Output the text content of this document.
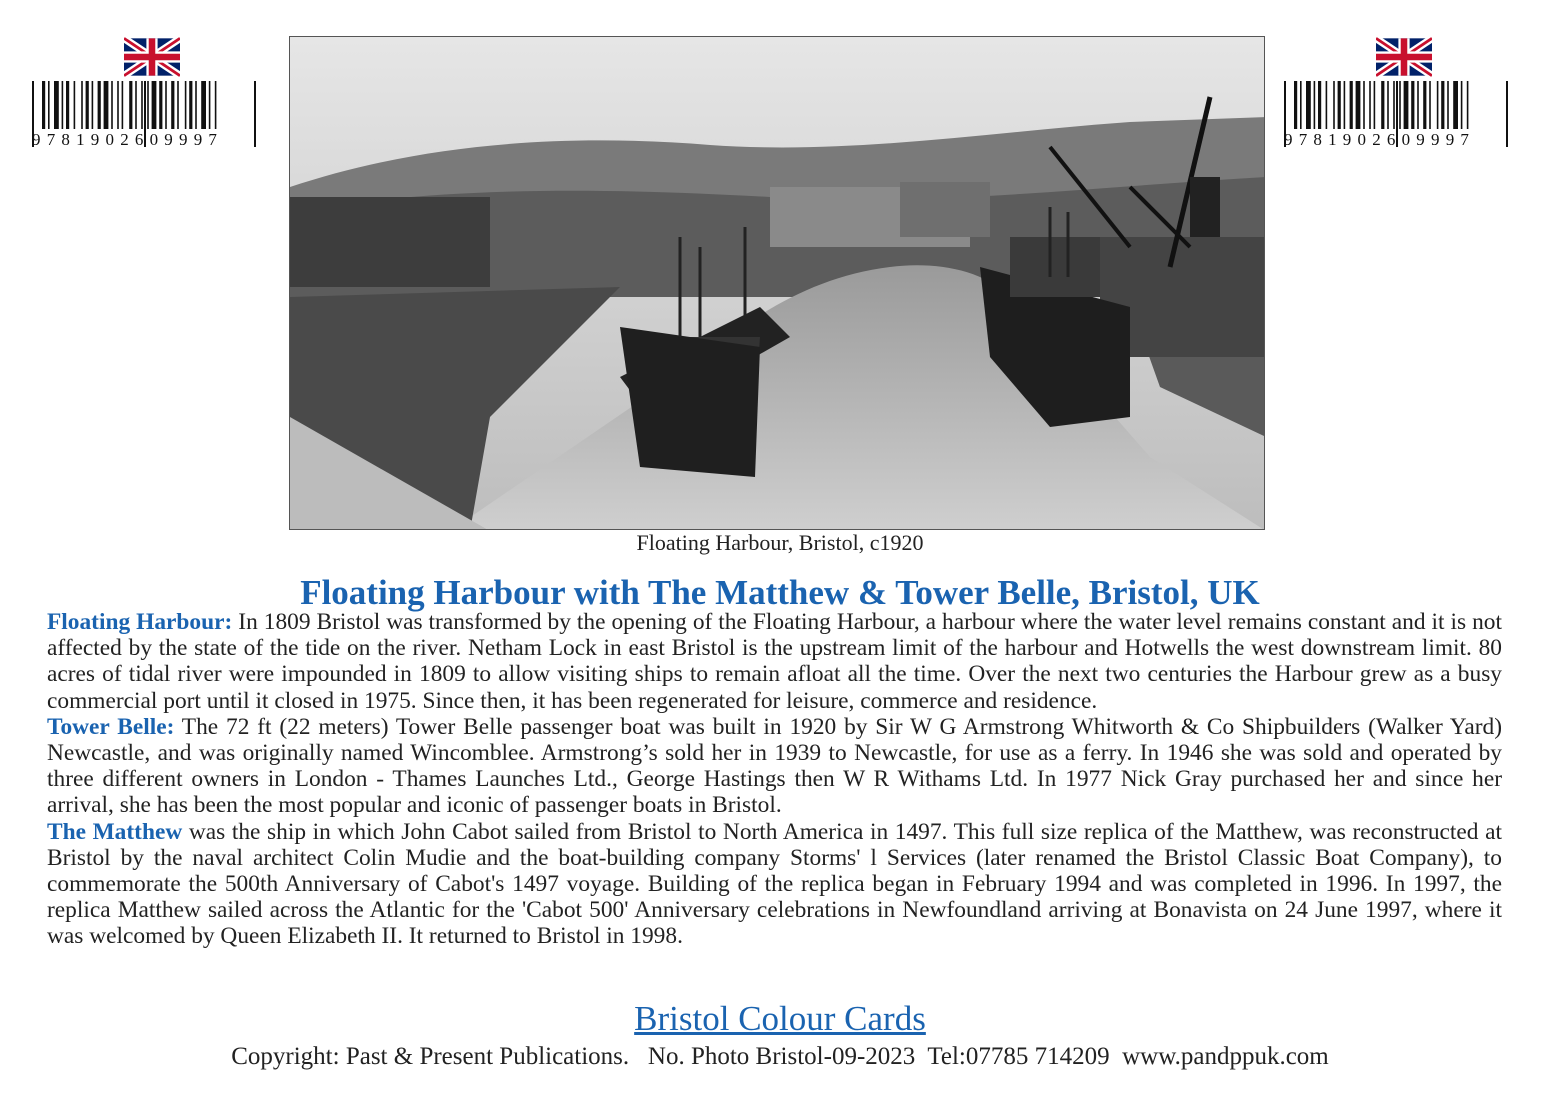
9781902609997	9781902609997
Floating Harbour, Bristol, c1920
Floating Harbour with The Matthew & Tower Belle, Bristol, UK

Floating Harbour: In 1809 Bristol was transformed by the opening of the Floating Harbour, a harbour where the water level remains constant and it is not affected by the state of the tide on the river. Netham Lock in east Bristol is the upstream limit of the harbour and Hotwells the west downstream limit. 80 acres of tidal river were impounded in 1809 to allow visiting ships to remain afloat all the time. Over the next two centuries the Harbour grew as a busy commercial port until it closed in 1975. Since then, it has been regenerated for leisure, commerce and residence.

Tower Belle: The 72 ft (22 meters) Tower Belle passenger boat was built in 1920 by Sir W G Armstrong Whitworth & Co Shipbuilders (Walker Yard) Newcastle, and was originally named Wincomblee. Armstrong’s sold her in 1939 to Newcastle, for use as a ferry. In 1946 she was sold and operated by three different owners in London - Thames Launches Ltd., George Hastings then W R Withams Ltd. In 1977 Nick Gray purchased her and since her arrival, she has been the most popular and iconic of passenger boats in Bristol.

The Matthew was the ship in which John Cabot sailed from Bristol to North America in 1497. This full size replica of the Matthew, was reconstructed at Bristol by the naval architect Colin Mudie and the boat-building company Storms' l Services (later renamed the Bristol Classic Boat Company), to commemorate the 500th Anniversary of Cabot's 1497 voyage. Building of the replica began in February 1994 and was completed in 1996. In 1997, the replica Matthew sailed across the Atlantic for the 'Cabot 500' Anniversary celebrations in Newfoundland arriving at Bonavista on 24 June 1997, where it was welcomed by Queen Elizabeth II. It returned to Bristol in 1998.

Bristol Colour Cards
Copyright: Past & Present Publications.   No. Photo Bristol-09-2023  Tel:07785 714209  www.pandppuk.com
